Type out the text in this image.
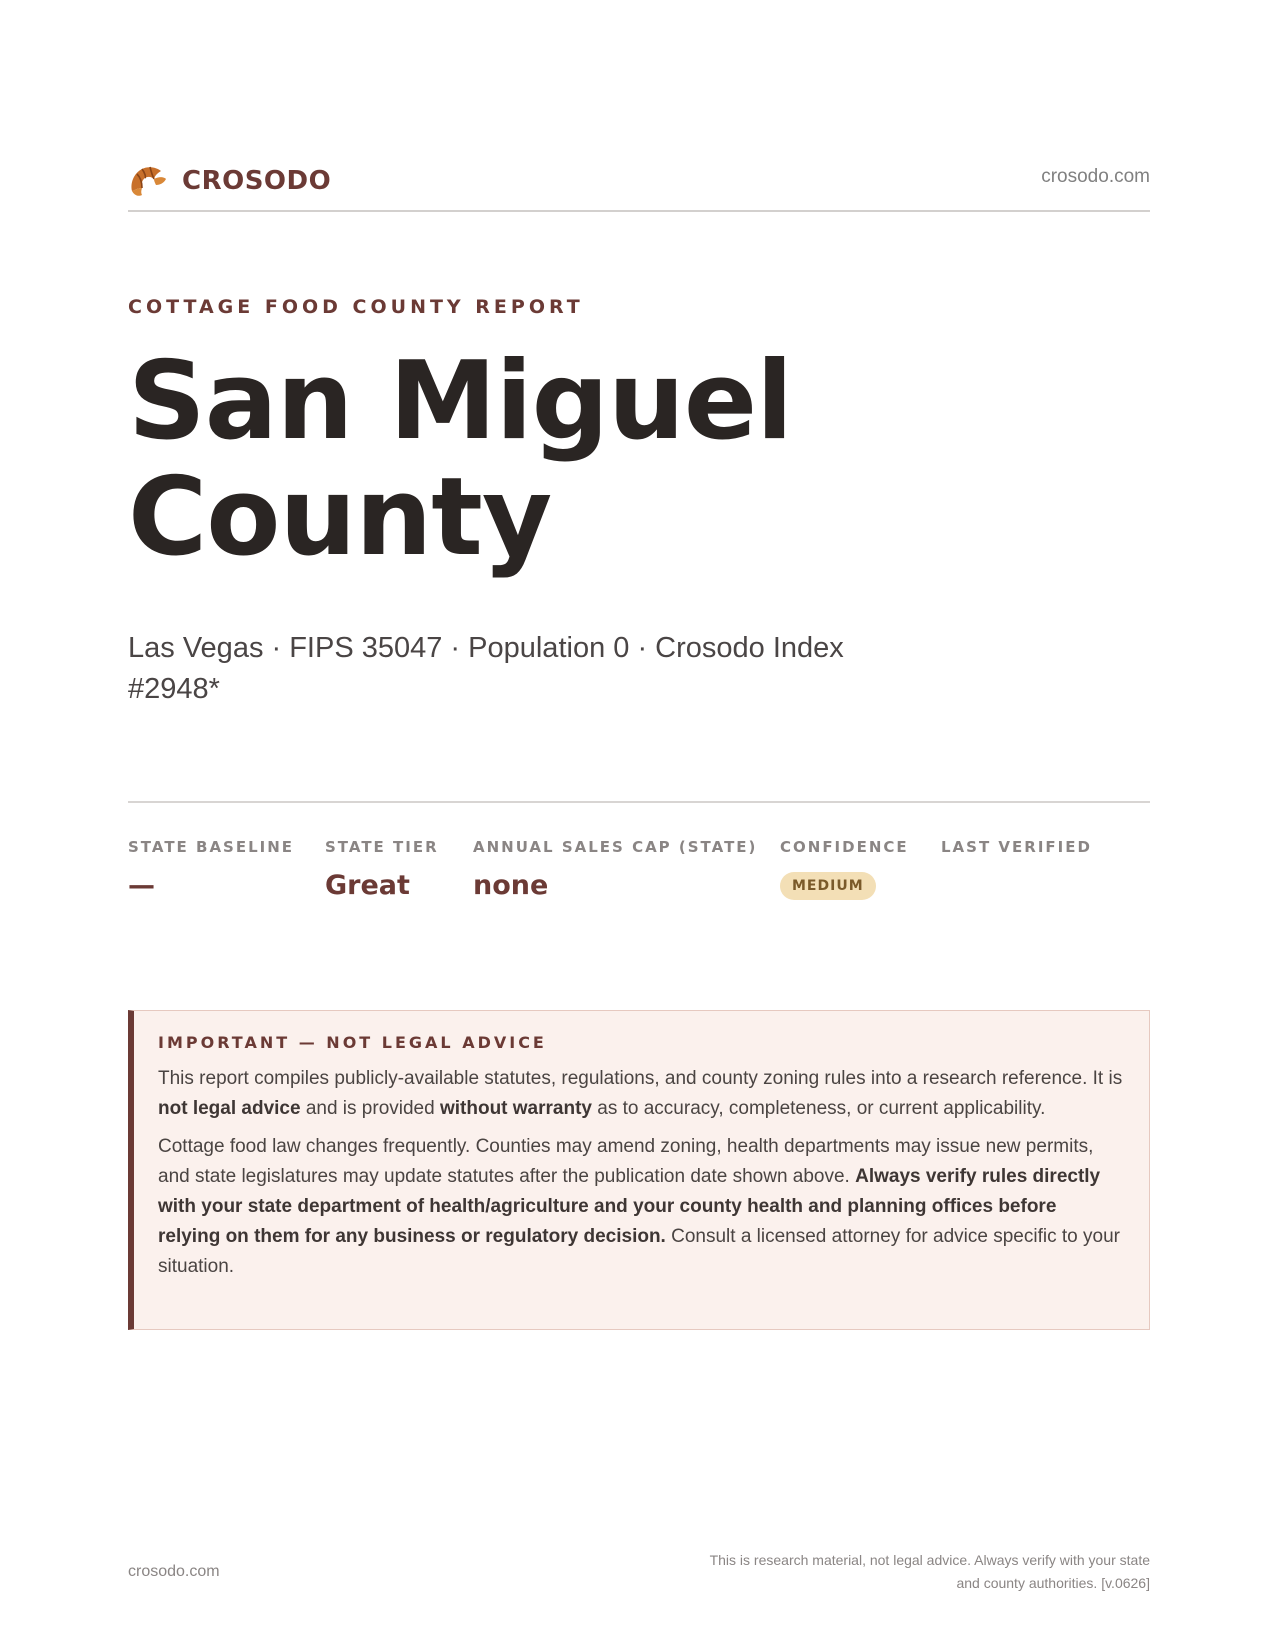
CROSODO	crosodo.com
COTTAGE FOOD COUNTY REPORT
San Miguel
County
Las Vegas · FIPS 35047 · Population 0 · Crosodo Index #2948*
STATE BASELINE
—
STATE TIER
Great
ANNUAL SALES CAP (STATE)
none
CONFIDENCE
MEDIUM
LAST VERIFIED
IMPORTANT — NOT LEGAL ADVICE

This report compiles publicly-available statutes, regulations, and county zoning rules into a research reference. It is not legal advice and is provided without warranty as to accuracy, completeness, or current applicability.

Cottage food law changes frequently. Counties may amend zoning, health departments may issue new permits, and state legislatures may update statutes after the publication date shown above. Always verify rules directly with your state department of health/agriculture and your county health and planning offices before relying on them for any business or regulatory decision. Consult a licensed attorney for advice specific to your situation.

crosodo.com
This is research material, not legal advice. Always verify with your state
and county authorities. [v.0626]
